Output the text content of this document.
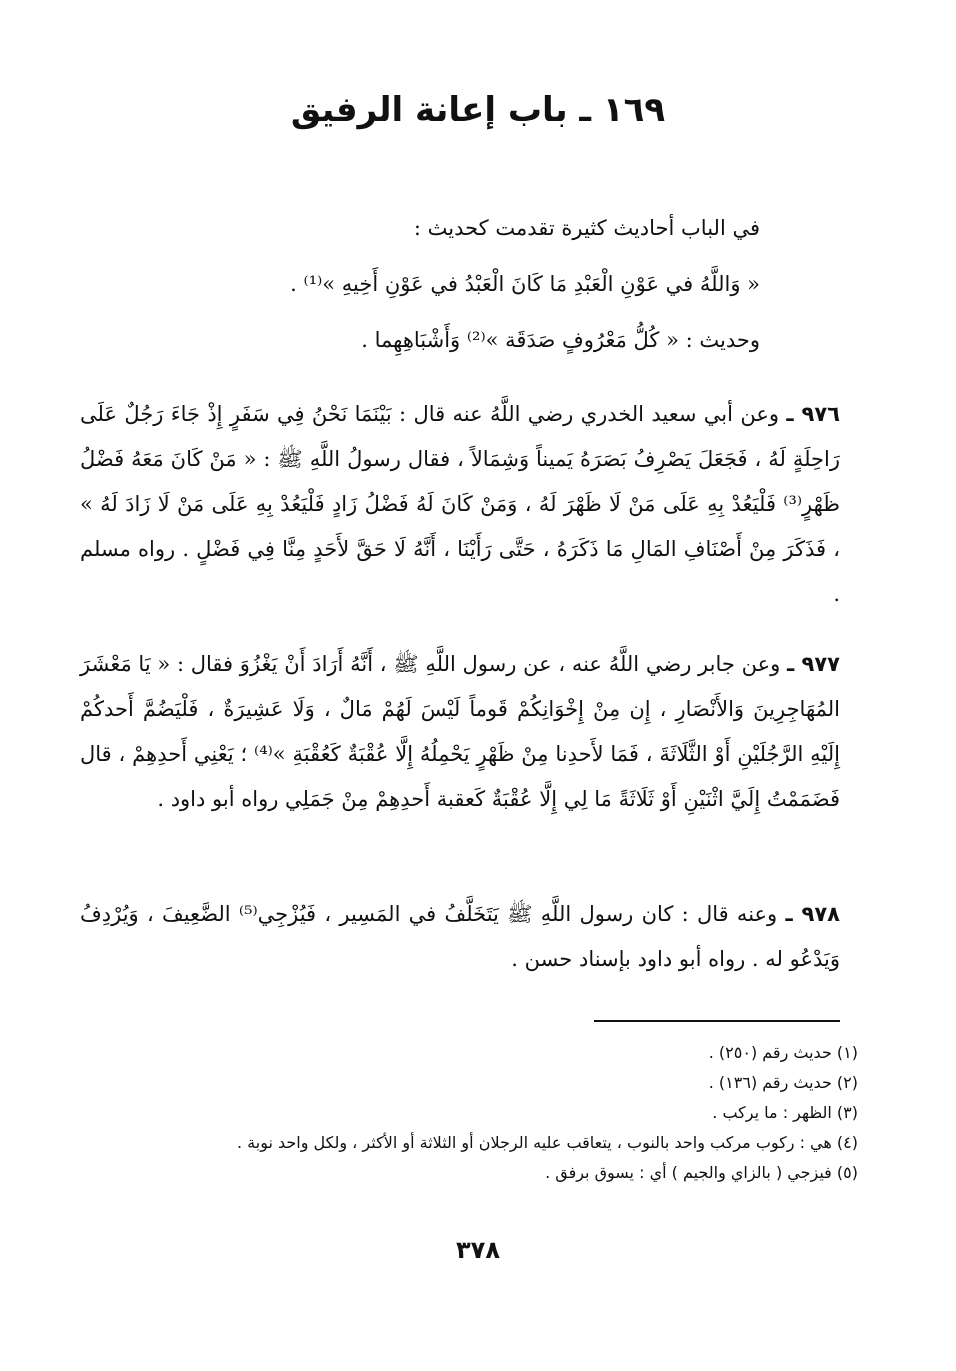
١٦٩ ـ باب إعانة الرفيق

في الباب أحاديث كثيرة تقدمت كحديث :

« وَاللَّهُ في عَوْنِ الْعَبْدِ مَا كَانَ الْعَبْدُ في عَوْنِ أَخِيهِ »⁽¹⁾ .

وحديث : « كُلُّ مَعْرُوفٍ صَدَقَة »⁽²⁾ وَأَشْبَاهِهِما .

٩٧٦ ـ وعن أبي سعيد الخدري رضي اللَّهُ عنه قال : بَيْنَمَا نَحْنُ فِي سَفَرٍ إِذْ جَاءَ رَجُلٌ عَلَى رَاحِلَةٍ لَهُ ، فَجَعَلَ يَصْرِفُ بَصَرَهُ يَميناً وَشِمَالاً ، فقال رسولُ اللَّهِ ﷺ : « مَنْ كَانَ مَعَهُ فَضْلُ ظَهْرٍ⁽³⁾ فَلْيَعُدْ بِهِ عَلَى مَنْ لَا ظَهْرَ لَهُ ، وَمَنْ كَانَ لَهُ فَضْلُ زَادٍ فَلْيَعُدْ بِهِ عَلَى مَنْ لَا زَادَ لَهُ » ، فَذَكَرَ مِنْ أَصْنَافِ المَالِ مَا ذَكَرَهُ ، حَتَّى رَأَيْنَا ، أَنَّهُ لَا حَقَّ لأَحَدٍ مِنَّا فِي فَضْلٍ . رواه مسلم .

٩٧٧ ـ وعن جابر رضي اللَّهُ عنه ، عن رسول اللَّهِ ﷺ ، أَنَّهُ أَرَادَ أَنْ يَغْزُوَ فقال : « يَا مَعْشَرَ المُهَاجِرِينَ وَالأَنْصَارِ ، إِن مِنْ إِخْوَانِكُمْ قَوماً لَيْسَ لَهُمْ مَالٌ ، وَلَا عَشِيرَةٌ ، فَلْيَضُمَّ أَحدكُمْ إِلَيْهِ الرَّجُلَيْنِ أَوْ الثَّلَاثَةَ ، فَمَا لأَحدِنا مِنْ ظَهْرٍ يَحْمِلُهُ إِلَّا عُقْبَةٌ كَعُقْبَةِ »⁽⁴⁾ ؛ يَعْنِي أَحدِهِمْ ، قال فَضَمَمْتُ إِلَيَّ اثْنَيْنِ أَوْ ثَلَاثَةً مَا لِي إِلَّا عُقْبَةٌ كَعقبة أَحدِهِمْ مِنْ جَمَلِي رواه أبو داود .

٩٧٨ ـ وعنه قال : كان رسول اللَّهِ ﷺ يَتَخَلَّفُ في المَسِير ، فَيُزْجِي⁽⁵⁾ الضَّعِيفَ ، وَيُرْدِفُ وَيَدْعُو له . رواه أبو داود بإسناد حسن .

(١) حديث رقم (٢٥٠) .
(٢) حديث رقم (١٣٦) .
(٣) الظهر : ما يركب .
(٤) هي : ركوب مركب واحد بالنوب ، يتعاقب عليه الرجلان أو الثلاثة أو الأكثر ، ولكل واحد نوبة .
(٥) فيزجي ( بالزاي والجيم ) أي : يسوق برفق .
٣٧٨
